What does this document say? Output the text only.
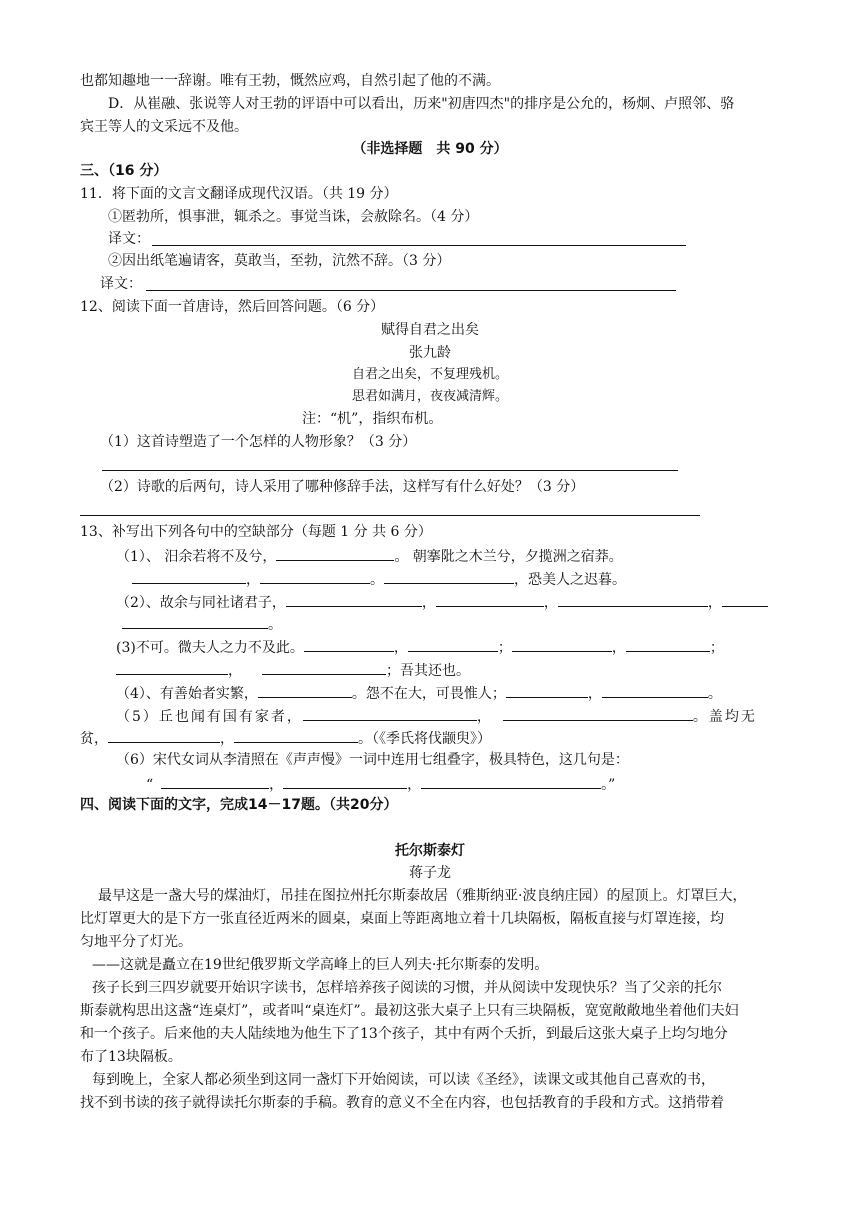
也都知趣地一一辞谢。唯有王勃，慨然应鸡，自然引起了他的不满。
D．从崔融、张说等人对王勃的评语中可以看出，历来"初唐四杰"的排序是公允的，杨炯、卢照邻、骆
宾王等人的文采远不及他。
（非选择题　共 90 分）
三、（16 分）
11．将下面的文言文翻译成现代汉语。（共 19 分）
①匿勃所，惧事泄，辄杀之。事觉当诛，会赦除名。（4 分）
译文：
②因出纸笔遍请客，莫敢当，至勃，沆然不辞。（3 分）
译文：
12、阅读下面一首唐诗，然后回答问题。（6 分）
赋得自君之出矣
张九龄
自君之出矣，不复理残机。
思君如满月，夜夜减清辉。
注：“机”，指织布机。
（1）这首诗塑造了一个怎样的人物形象？（3 分）
（2）诗歌的后两句，诗人采用了哪种修辞手法，这样写有什么好处？（3 分）
13、补写出下列各句中的空缺部分（每题 1 分 共 6 分）
（1）、 汨余若将不及兮，	。 朝搴阰之木兰兮，夕揽洲之宿莽。
，	。	，恐美人之迟暮。
（2）、故余与同社诸君子，	，	，	，
。
(3)不可。微夫人之力不及此。	，	；	，	；
，	；吾其还也。
（4）、有善始者实繁，	。怨不在大，可畏惟人；	，	。
（5）丘也闻有国有家者，	，	。盖均无
贫，	，	。（《季氏将伐颛臾》）
（6）宋代女词从李清照在《声声慢》一词中连用七组叠字，极具特色，这几句是：
“	，	，	。”
四、阅读下面的文字，完成14－17题。（共20分）
托尔斯泰灯
蒋子龙
最早这是一盏大号的煤油灯，吊挂在图拉州托尔斯泰故居（雅斯纳亚·波良纳庄园）的屋顶上。灯罩巨大，
比灯罩更大的是下方一张直径近两米的圆桌，桌面上等距离地立着十几块隔板，隔板直接与灯罩连接，均
匀地平分了灯光。
——这就是矗立在19世纪俄罗斯文学高峰上的巨人列夫·托尔斯泰的发明。
孩子长到三四岁就要开始识字读书，怎样培养孩子阅读的习惯，并从阅读中发现快乐？当了父亲的托尔
斯泰就构思出这盏“连桌灯”，或者叫“桌连灯”。最初这张大桌子上只有三块隔板，宽宽敞敞地坐着他们夫妇
和一个孩子。后来他的夫人陆续地为他生下了13个孩子，其中有两个夭折，到最后这张大桌子上均匀地分
布了13块隔板。
每到晚上，全家人都必须坐到这同一盏灯下开始阅读，可以读《圣经》，读课文或其他自己喜欢的书，
找不到书读的孩子就得读托尔斯泰的手稿。教育的意义不全在内容，也包括教育的手段和方式。这捎带着
